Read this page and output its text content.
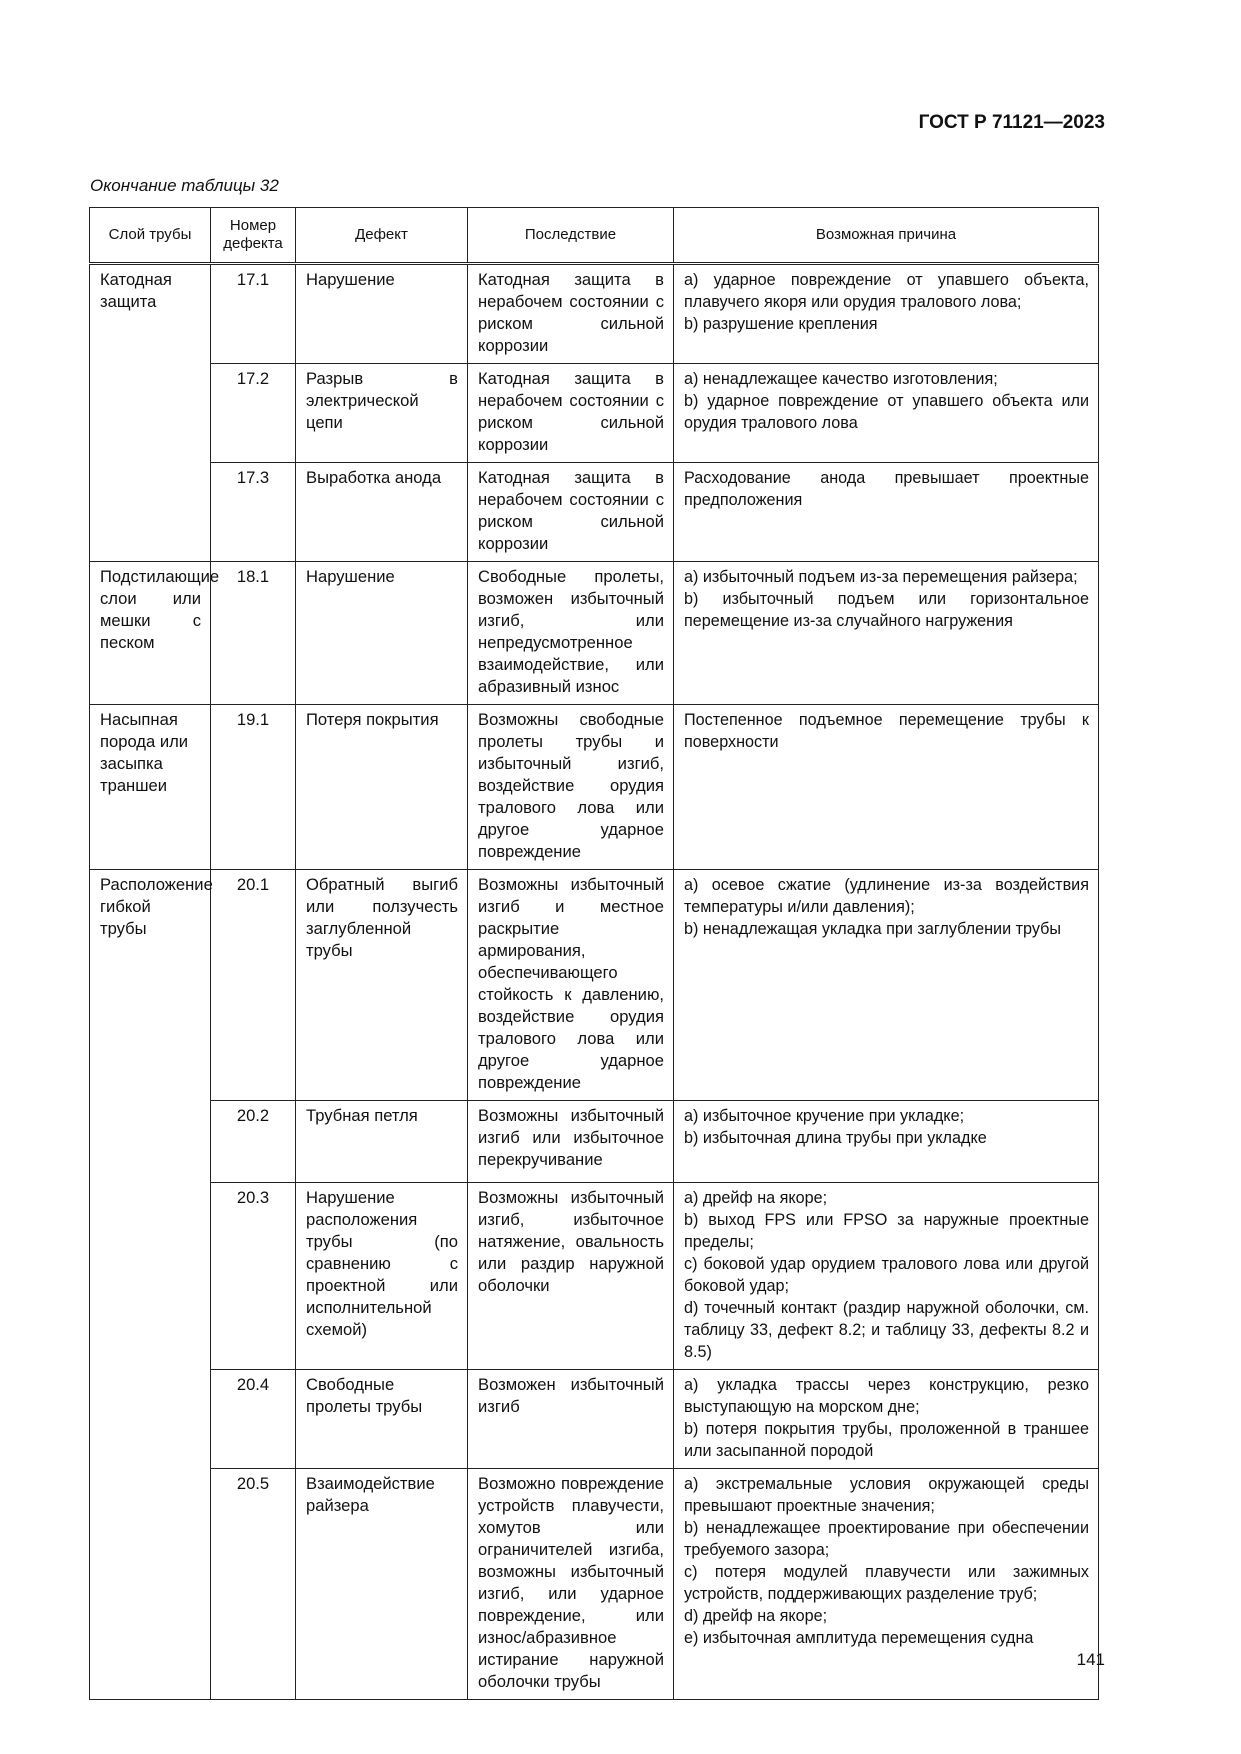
ГОСТ Р 71121—2023
Окончание таблицы 32
Слой трубы	Номер дефекта	Дефект	Последствие	Возможная причина
Катодная защита	17.1	Нарушение	Катодная защита в нерабочем состоянии с риском сильной коррозии	а) ударное повреждение от упавшего объекта, плавучего якоря или орудия тралового лова;
b) разрушение крепления

	17.2	Разрыв в электрической цепи	Катодная защита в нерабочем состоянии с риском сильной коррозии	а) ненадлежащее качество изготовления;
b) ударное повреждение от упавшего объекта или орудия тралового лова

	17.3	Выработка анода	Катодная защита в нерабочем состоянии с риском сильной коррозии	Расходование анода превышает проектные предположения

Подстилающие слои или мешки с песком	18.1	Нарушение	Свободные пролеты, возможен избыточный изгиб, или непредусмотренное взаимодействие, или абразивный износ	а) избыточный подъем из-за перемещения райзера;
b) избыточный подъем или горизонтальное перемещение из-за случайного нагружения

Насыпная порода или засыпка траншеи	19.1	Потеря покрытия	Возможны свободные пролеты трубы и избыточный изгиб, воздействие орудия тралового лова или другое ударное повреждение	Постепенное подъемное перемещение трубы к поверхности

Расположение гибкой трубы	20.1	Обратный выгиб или ползучесть заглубленной трубы	Возможны избыточный изгиб и местное раскрытие армирования, обеспечивающего стойкость к давлению, воздействие орудия тралового лова или другое ударное повреждение	а) осевое сжатие (удлинение из-за воздействия температуры и/или давления);
b) ненадлежащая укладка при заглублении трубы

	20.2	Трубная петля	Возможны избыточный изгиб или избыточное перекручивание	а) избыточное кручение при укладке;
b) избыточная длина трубы при укладке

	20.3	Нарушение расположения трубы (по сравнению с проектной или исполнительной схемой)	Возможны избыточный изгиб, избыточное натяжение, овальность или раздир наружной оболочки	а) дрейф на якоре;
b) выход FPS или FPSO за наружные проектные пределы;
c) боковой удар орудием тралового лова или другой боковой удар;
d) точечный контакт (раздир наружной оболочки, см. таблицу 33, дефект 8.2; и таблицу 33, дефекты 8.2 и 8.5)

	20.4	Свободные пролеты трубы	Возможен избыточный изгиб	а) укладка трассы через конструкцию, резко выступающую на морском дне;
b) потеря покрытия трубы, проложенной в траншее или засыпанной породой

	20.5	Взаимодействие райзера	Возможно повреждение устройств плавучести, хомутов или ограничителей изгиба, возможны избыточный изгиб, или ударное повреждение, или износ/абразивное истирание наружной оболочки трубы	а) экстремальные условия окружающей среды превышают проектные значения;
b) ненадлежащее проектирование при обеспечении требуемого зазора;
c) потеря модулей плавучести или зажимных устройств, поддерживающих разделение труб;
d) дрейф на якоре;
e) избыточная амплитуда перемещения судна
141
